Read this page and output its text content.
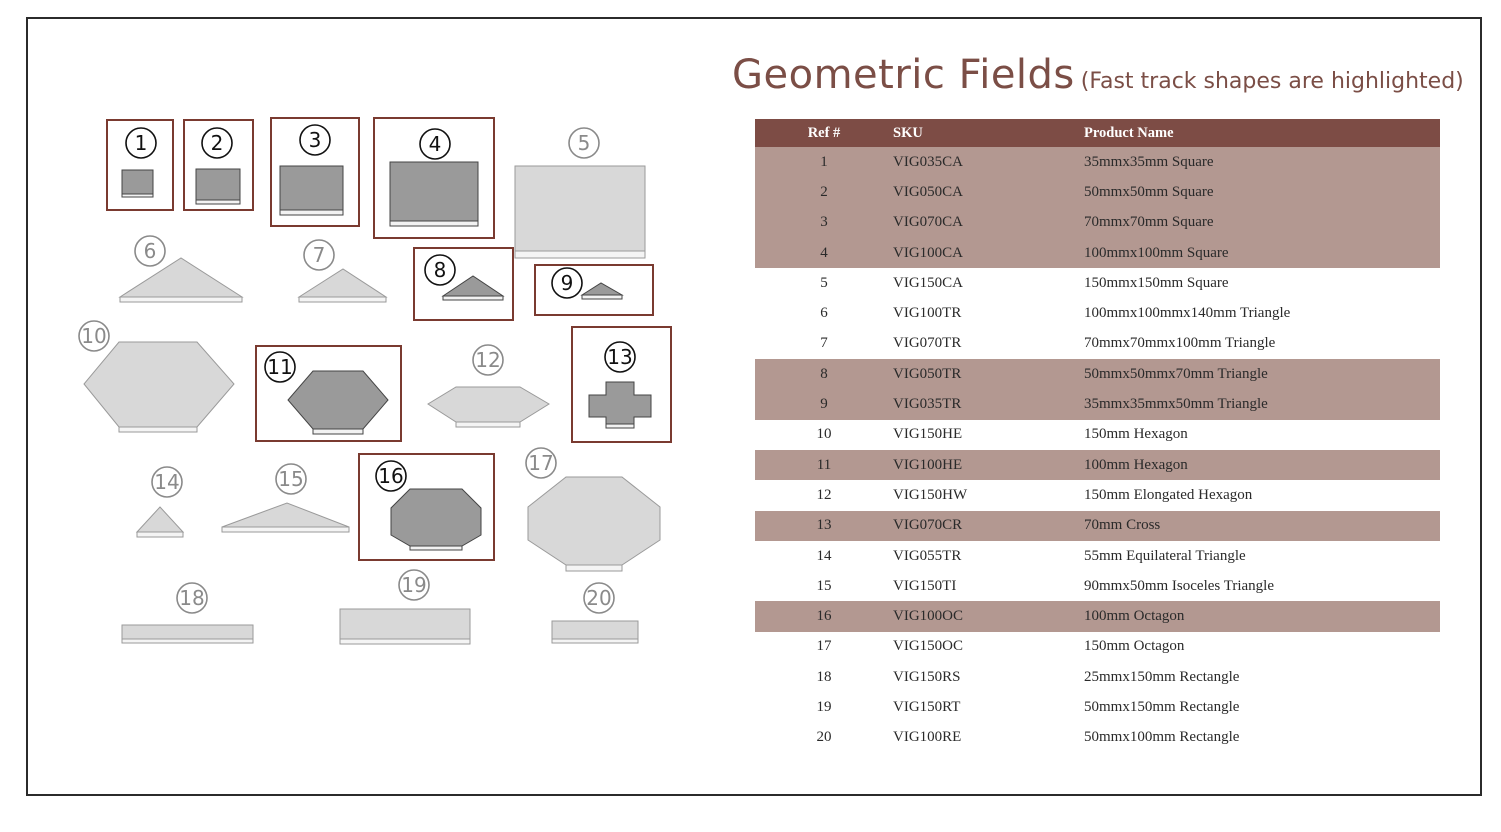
Geometric Fields (Fast track shapes are highlighted)
1	2	3	4
8
9
11	13
16
5
6	7
10
12
14	15
17
18
19
20
Ref #	SKU	Product Name
1	VIG035CA	35mmx35mm Square
2	VIG050CA	50mmx50mm Square
3	VIG070CA	70mmx70mm Square
4	VIG100CA	100mmx100mm Square
5	VIG150CA	150mmx150mm Square
6	VIG100TR	100mmx100mmx140mm Triangle
7	VIG070TR	70mmx70mmx100mm Triangle
8	VIG050TR	50mmx50mmx70mm Triangle
9	VIG035TR	35mmx35mmx50mm Triangle
10	VIG150HE	150mm Hexagon
11	VIG100HE	100mm Hexagon
12	VIG150HW	150mm Elongated Hexagon
13	VIG070CR	70mm Cross
14	VIG055TR	55mm Equilateral Triangle
15	VIG150TI	90mmx50mm Isoceles Triangle
16	VIG100OC	100mm Octagon
17	VIG150OC	150mm Octagon
18	VIG150RS	25mmx150mm Rectangle
19	VIG150RT	50mmx150mm Rectangle
20	VIG100RE	50mmx100mm Rectangle
